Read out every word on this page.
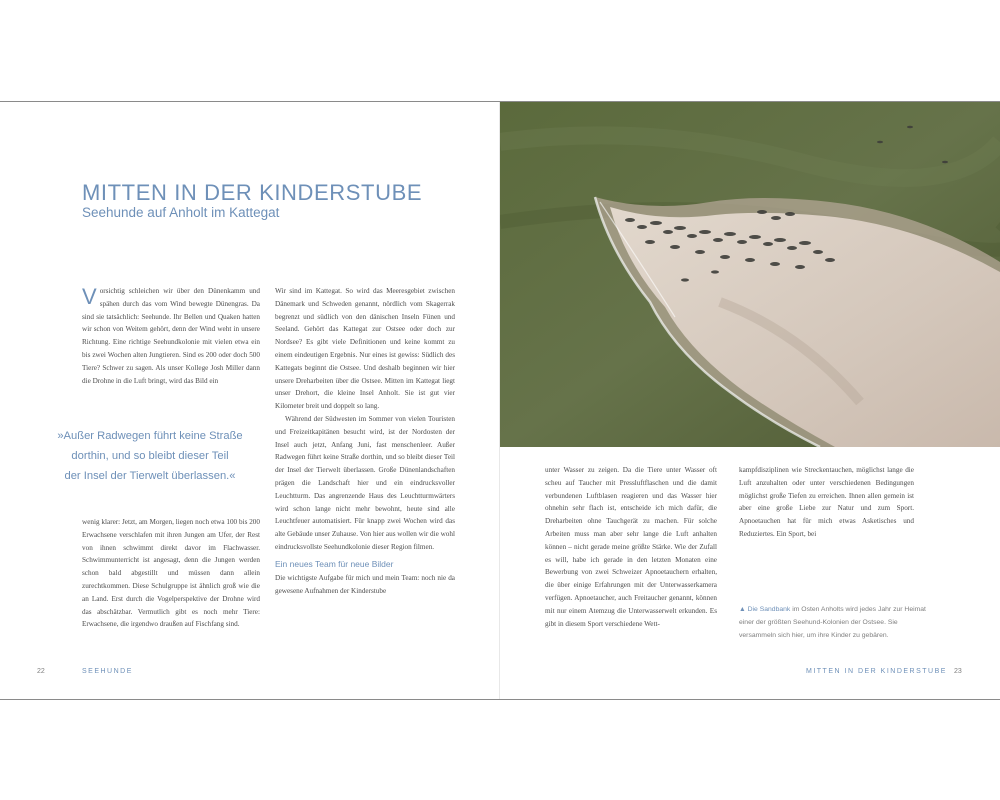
MITTEN IN DER KINDERSTUBE
Seehunde auf Anholt im Kattegat

Vorsichtig schleichen wir über den Dünenkamm und spähen durch das vom Wind bewegte Dünengras. Da sind sie tatsächlich: Seehunde. Ihr Bellen und Quaken hatten wir schon von Weitem gehört, denn der Wind weht in unsere Richtung. Eine richtige Seehundkolonie mit vielen etwa ein bis zwei Wochen alten Jungtieren. Sind es 200 oder doch 500 Tiere? Schwer zu sagen. Als unser Kollege Josh Miller dann die Drohne in die Luft bringt, wird das Bild ein

»Außer Radwegen führt keine Straße
dorthin, und so bleibt dieser Teil
der Insel der Tierwelt überlassen.«

wenig klarer: Jetzt, am Morgen, liegen noch etwa 100 bis 200 Erwachsene verschlafen mit ihren Jungen am Ufer, der Rest von ihnen schwimmt direkt davor im Flachwasser. Schwimmunterricht ist angesagt, denn die Jungen werden schon bald abgestillt und müssen dann allein zurechtkommen. Diese Schulgruppe ist ähnlich groß wie die an Land. Erst durch die Vogelperspektive der Drohne wird das abschätzbar. Vermutlich gibt es noch mehr Tiere: Erwachsene, die irgendwo draußen auf Fischfang sind.

Wir sind im Kattegat. So wird das Meeresgebiet zwischen Dänemark und Schweden genannt, nördlich vom Skagerrak begrenzt und südlich von den dänischen Inseln Fünen und Seeland. Gehört das Kattegat zur Ostsee oder doch zur Nordsee? Es gibt viele Definitionen und keine kommt zu einem eindeutigen Ergebnis. Nur eines ist gewiss: Südlich des Kattegats beginnt die Ostsee. Und deshalb beginnen wir hier unsere Dreharbeiten über die Ostsee. Mitten im Kattegat liegt unser Drehort, die kleine Insel Anholt. Sie ist gut vier Kilometer breit und doppelt so lang.

Während der Südwesten im Sommer von vielen Touristen und Freizeitkapitänen besucht wird, ist der Nordosten der Insel auch jetzt, Anfang Juni, fast menschenleer. Außer Radwegen führt keine Straße dorthin, und so bleibt dieser Teil der Insel der Tierwelt überlassen. Große Dünenlandschaften prägen die Landschaft hier und ein eindrucksvoller Leuchtturm. Das angrenzende Haus des Leuchtturmwärters wird schon lange nicht mehr bewohnt, heute sind alle Leuchtfeuer automatisiert. Für knapp zwei Wochen wird das alte Gebäude unser Zuhause. Von hier aus wollen wir die wohl eindrucksvollste Seehundkolonie dieser Region filmen.

Ein neues Team für neue Bilder

Die wichtigste Aufgabe für mich und mein Team: noch nie da gewesene Aufnahmen der Kinderstube

unter Wasser zu zeigen. Da die Tiere unter Wasser oft scheu auf Taucher mit Pressluftflaschen und die damit verbundenen Luftblasen reagieren und das Wasser hier ohnehin sehr flach ist, entscheide ich mich dafür, die Dreharbeiten ohne Tauchgerät zu machen. Für solche Arbeiten muss man aber sehr lange die Luft anhalten können – nicht gerade meine größte Stärke. Wie der Zufall es will, habe ich gerade in den letzten Monaten eine Bewerbung von zwei Schweizer Apnoetauchern erhalten, die über einige Erfahrungen mit der Unterwasserkamera verfügen. Apnoetaucher, auch Freitaucher genannt, können mit nur einem Atemzug die Unterwasserwelt erkunden. Es gibt in diesem Sport verschiedene Wett-

kampfdisziplinen wie Streckentauchen, möglichst lange die Luft anzuhalten oder unter verschiedenen Bedingungen möglichst große Tiefen zu erreichen. Ihnen allen gemein ist aber eine große Liebe zur Natur und zum Sport. Apnoetauchen hat für mich etwas Asketisches und Reduziertes. Ein Sport, bei

▲ Die Sandbank im Osten Anholts wird jedes Jahr zur Heimat einer der größten Seehund-Kolonien der Ostsee. Sie versammeln sich hier, um ihre Kinder zu gebären.
22	SEEHUNDE	MITTEN IN DER KINDERSTUBE 23
